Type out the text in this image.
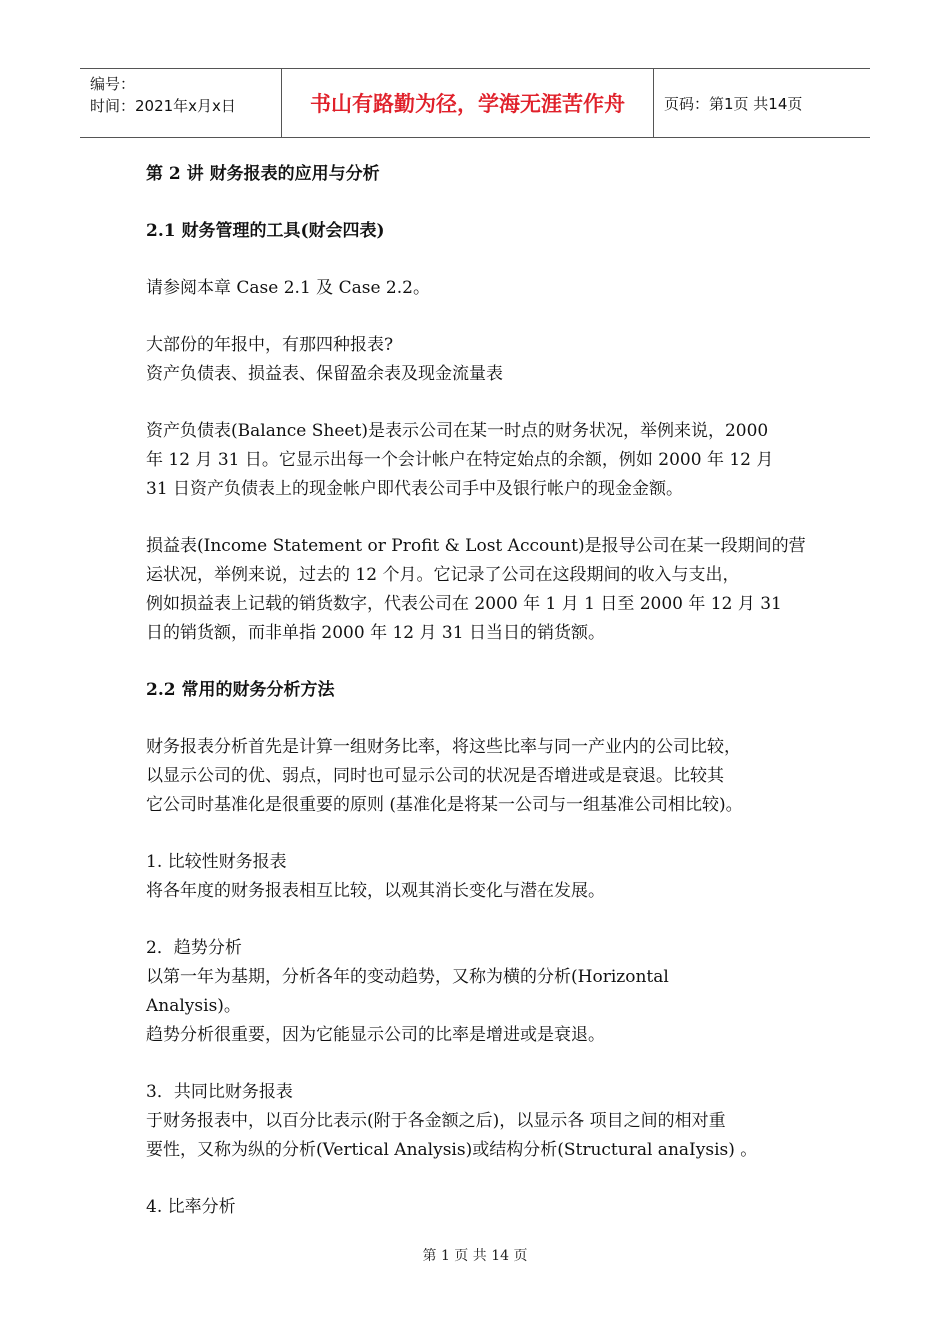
编号：
时间：2021年x月x日	书山有路勤为径，学海无涯苦作舟	页码：第1页 共14页

第 2 讲 财务报表的应用与分析

2.1 财务管理的工具(财会四表)

请参阅本章 Case 2.1 及 Case 2.2。

大部份的年报中，有那四种报表?

资产负债表、损益表、保留盈余表及现金流量表

资产负债表(Balance Sheet)是表示公司在某一时点的财务状况，举例来说，2000

年 12 月 31 日。它显示出每一个会计帐户在特定始点的余额，例如 2000 年 12 月

31 日资产负债表上的现金帐户即代表公司手中及银行帐户的现金金额。

损益表(Income Statement or Profit & Lost Account)是报导公司在某一段期间的营

运状况，举例来说，过去的 12 个月。它记录了公司在这段期间的收入与支出，

例如损益表上记载的销货数字，代表公司在 2000 年 1 月 1 日至 2000 年 12 月 31

日的销货额，而非单指 2000 年 12 月 31 日当日的销货额。

2.2 常用的财务分析方法

财务报表分析首先是计算一组财务比率，将这些比率与同一产业内的公司比较，

以显示公司的优、弱点，同时也可显示公司的状况是否增进或是衰退。比较其

它公司时基准化是很重要的原则 (基准化是将某一公司与一组基准公司相比较)。

1. 比较性财务报表

将各年度的财务报表相互比较，以观其消长变化与潜在发展。

2．趋势分析

以第一年为基期，分析各年的变动趋势，又称为横的分析(Horizontal

Analysis)。

趋势分析很重要，因为它能显示公司的比率是增进或是衰退。

3．共同比财务报表

于财务报表中，以百分比表示(附于各金额之后)，以显示各 项目之间的相对重

要性，又称为纵的分析(Vertical Analysis)或结构分析(Structural anaIysis) 。

4. 比率分析

第 1 页 共 14 页
